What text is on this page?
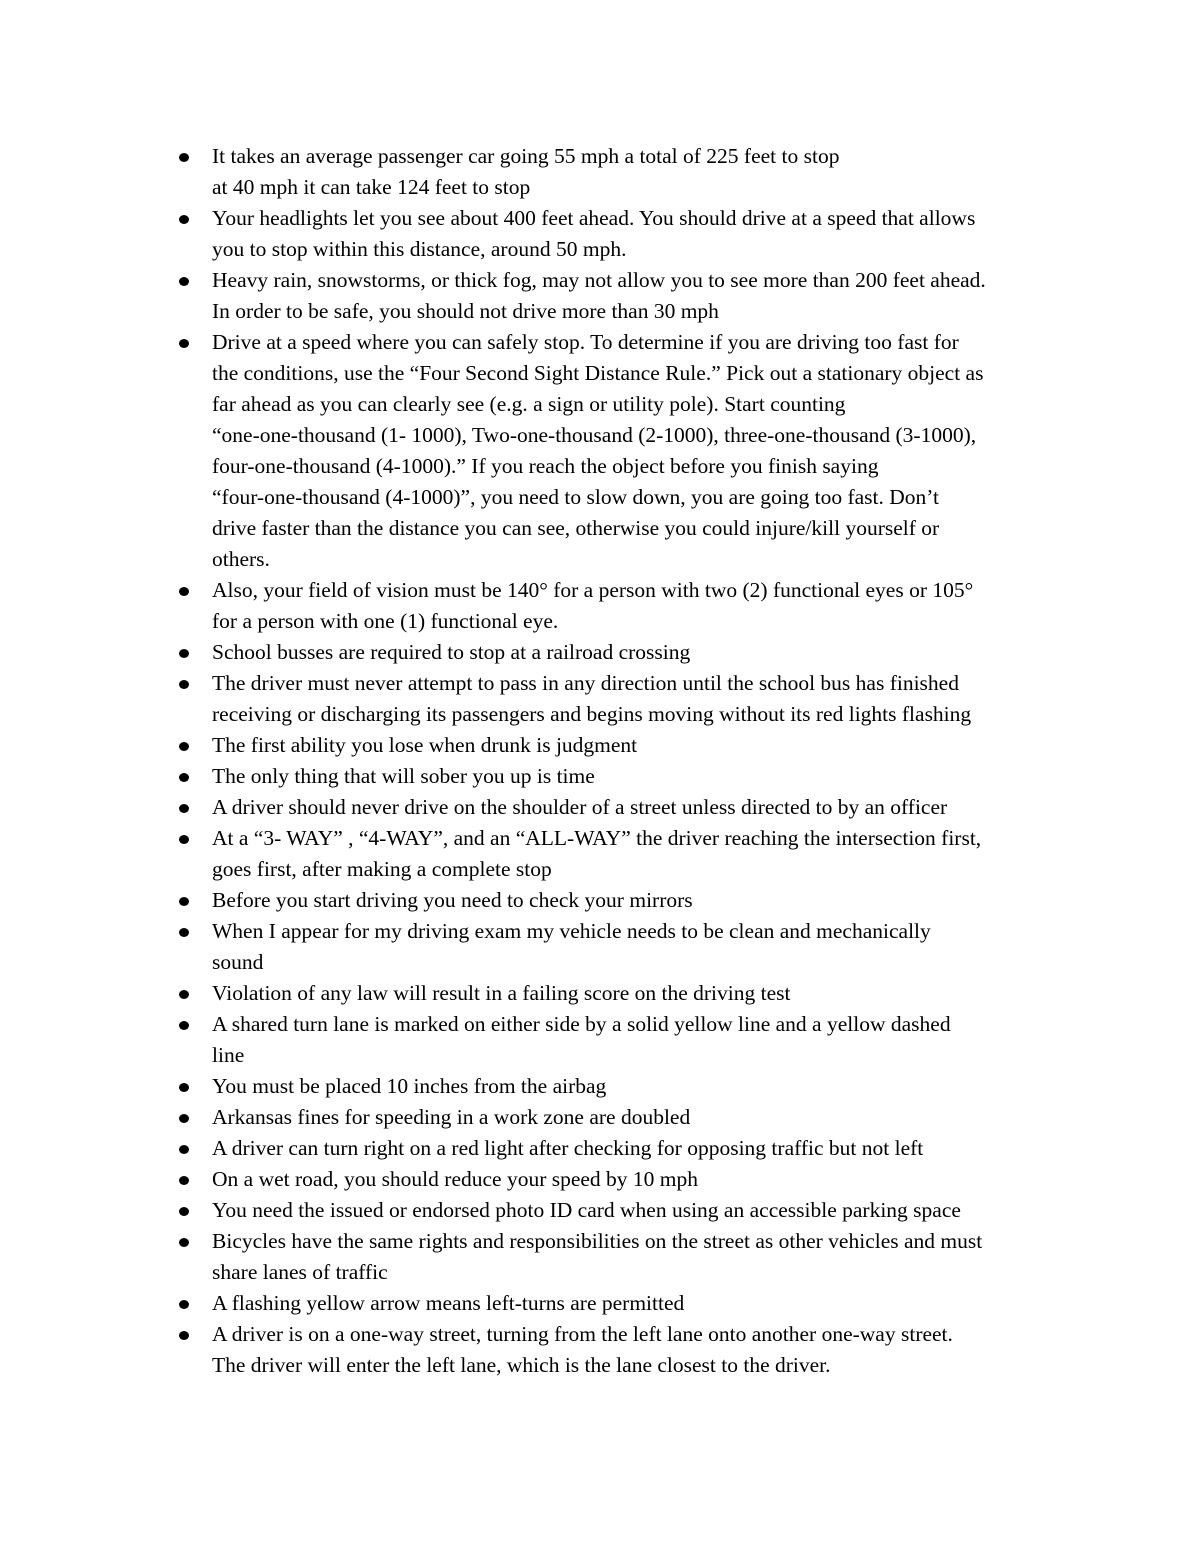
It takes an average passenger car going 55 mph a total of 225 feet to stop
at 40 mph it can take 124 feet to stop
Your headlights let you see about 400 feet ahead. You should drive at a speed that allows
you to stop within this distance, around 50 mph.
Heavy rain, snowstorms, or thick fog, may not allow you to see more than 200 feet ahead.
In order to be safe, you should not drive more than 30 mph
Drive at a speed where you can safely stop. To determine if you are driving too fast for
the conditions, use the “Four Second Sight Distance Rule.” Pick out a stationary object as
far ahead as you can clearly see (e.g. a sign or utility pole). Start counting
“one-one-thousand (1- 1000), Two-one-thousand (2-1000), three-one-thousand (3-1000),
four-one-thousand (4-1000).” If you reach the object before you finish saying
“four-one-thousand (4-1000)”, you need to slow down, you are going too fast. Don’t
drive faster than the distance you can see, otherwise you could injure/kill yourself or
others.
Also, your field of vision must be 140° for a person with two (2) functional eyes or 105°
for a person with one (1) functional eye.
School busses are required to stop at a railroad crossing
The driver must never attempt to pass in any direction until the school bus has finished
receiving or discharging its passengers and begins moving without its red lights flashing
The first ability you lose when drunk is judgment
The only thing that will sober you up is time
A driver should never drive on the shoulder of a street unless directed to by an officer
At a “3- WAY” , “4-WAY”, and an “ALL-WAY” the driver reaching the intersection first,
goes first, after making a complete stop
Before you start driving you need to check your mirrors
When I appear for my driving exam my vehicle needs to be clean and mechanically
sound
Violation of any law will result in a failing score on the driving test
A shared turn lane is marked on either side by a solid yellow line and a yellow dashed
line
You must be placed 10 inches from the airbag
Arkansas fines for speeding in a work zone are doubled
A driver can turn right on a red light after checking for opposing traffic but not left
On a wet road, you should reduce your speed by 10 mph
You need the issued or endorsed photo ID card when using an accessible parking space
Bicycles have the same rights and responsibilities on the street as other vehicles and must
share lanes of traffic
A flashing yellow arrow means left-turns are permitted
A driver is on a one-way street, turning from the left lane onto another one-way street.
The driver will enter the left lane, which is the lane closest to the driver.
